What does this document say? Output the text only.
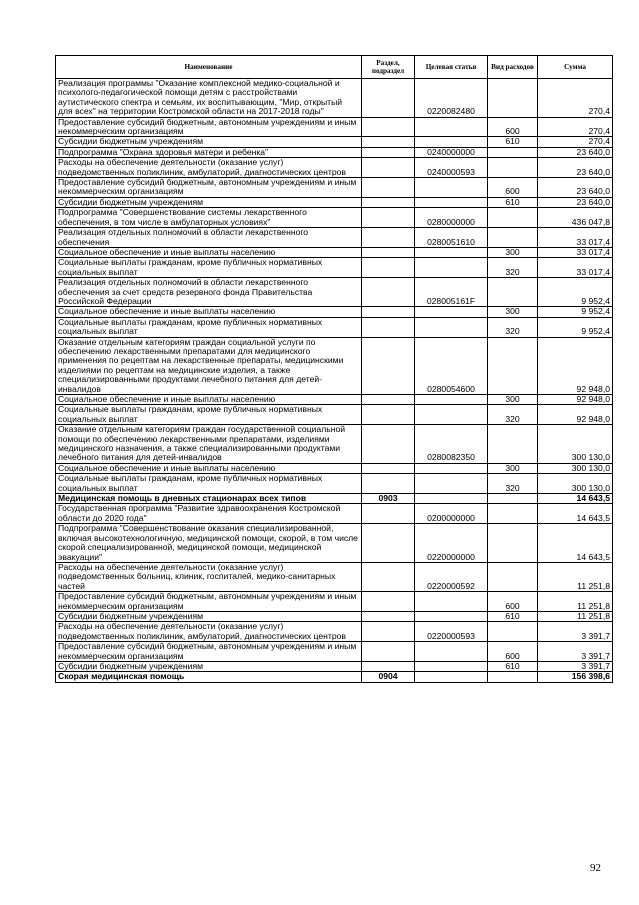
Наименование	Раздел, подраздел	Целевая статья	Вид расходов	Сумма
Реализация программы "Оказание комплексной медико-социальной и психолого-педагогической помощи детям с расстройствами аутистического спектра и семьям, их воспитывающим, "Мир, открытый для всех" на территории Костромской области на 2017-2018 годы"		0220082480		270,4
Предоставление субсидий бюджетным, автономным учреждениям и иным некоммерческим организациям			600	270,4
Субсидии бюджетным учреждениям			610	270,4
Подпрограмма "Охрана здоровья матери и ребенка"		0240000000		23 640,0
Расходы на обеспечение деятельности (оказание услуг) подведомственных поликлиник, амбулаторий, диагностических центров		0240000593		23 640,0
Предоставление субсидий бюджетным, автономным учреждениям и иным некоммерческим организациям			600	23 640,0
Субсидии бюджетным учреждениям			610	23 640,0
Подпрограмма "Совершенствование системы лекарственного обеспечения, в том числе в амбулаторных условиях"		0280000000		436 047,8
Реализация отдельных полномочий в области лекарственного обеспечения		0280051610		33 017,4
Социальное обеспечение и иные выплаты населению			300	33 017,4
Социальные выплаты гражданам, кроме публичных нормативных социальных выплат			320	33 017,4
Реализация отдельных полномочий в области лекарственного обеспечения за счет средств резервного фонда Правительства Российской Федерации		028005161F		9 952,4
Социальное обеспечение и иные выплаты населению			300	9 952,4
Социальные выплаты гражданам, кроме публичных нормативных социальных выплат			320	9 952,4
Оказание отдельным категориям граждан социальной услуги по обеспечению лекарственными препаратами для медицинского применения по рецептам на лекарственные препараты, медицинскими изделиями по рецептам на медицинские изделия, а также специализированными продуктами лечебного питания для детей-инвалидов		0280054600		92 948,0
Социальное обеспечение и иные выплаты населению			300	92 948,0
Социальные выплаты гражданам, кроме публичных нормативных социальных выплат			320	92 948,0
Оказание отдельным категориям граждан государственной социальной помощи по обеспечению лекарственными препаратами, изделиями медицинского назначения, а также специализированными продуктами лечебного питания для детей-инвалидов		0280082350		300 130,0
Социальное обеспечение и иные выплаты населению			300	300 130,0
Социальные выплаты гражданам, кроме публичных нормативных социальных выплат			320	300 130,0
Медицинская помощь в дневных стационарах всех типов	0903			14 643,5
Государственная программа "Развитие здравоохранения Костромской области до 2020 года"		0200000000		14 643,5
Подпрограмма "Совершенствование оказания специализированной, включая высокотехнологичную, медицинской помощи, скорой, в том числе скорой специализированной, медицинской помощи, медицинской эвакуации"		0220000000		14 643,5
Расходы на обеспечение деятельности (оказание услуг) подведомственных больниц, клиник, госпиталей, медико-санитарных частей		0220000592		11 251,8
Предоставление субсидий бюджетным, автономным учреждениям и иным некоммерческим организациям			600	11 251,8
Субсидии бюджетным учреждениям			610	11 251,8
Расходы на обеспечение деятельности (оказание услуг) подведомственных поликлиник, амбулаторий, диагностических центров		0220000593		3 391,7
Предоставление субсидий бюджетным, автономным учреждениям и иным некоммерческим организациям			600	3 391,7
Субсидии бюджетным учреждениям			610	3 391,7
Скорая медицинская помощь	0904			156 398,6
92
